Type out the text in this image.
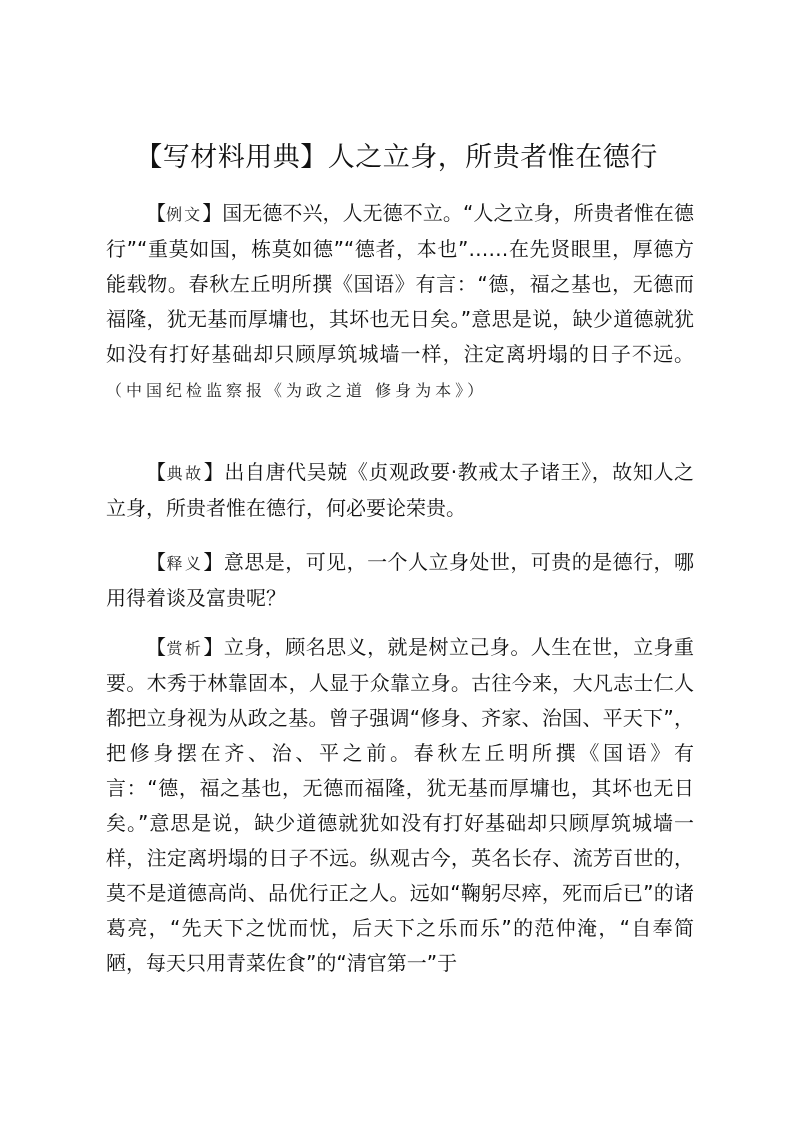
【写材料用典】人之立身，所贵者惟在德行

【例文】国无德不兴，人无德不立。“人之立身，所贵者惟在德行”“重莫如国，栋莫如德”“德者，本也”……在先贤眼里，厚德方能载物。春秋左丘明所撰《国语》有言：“德，福之基也，无德而福隆，犹无基而厚墉也，其坏也无日矣。”意思是说，缺少道德就犹如没有打好基础却只顾厚筑城墙一样，注定离坍塌的日子不远。 （中国纪检监察报《为政之道 修身为本》）

【典故】出自唐代吴兢《贞观政要·教戒太子诸王》，故知人之立身，所贵者惟在德行，何必要论荣贵。

【释义】意思是，可见，一个人立身处世，可贵的是德行，哪用得着谈及富贵呢？

【赏析】立身，顾名思义，就是树立己身。人生在世，立身重要。木秀于林靠固本，人显于众靠立身。古往今来，大凡志士仁人都把立身视为从政之基。曾子强调“修身、齐家、治国、平天下”，把修身摆在齐、治、平之前。春秋左丘明所撰《国语》有言：“德，福之基也，无德而福隆，犹无基而厚墉也，其坏也无日矣。”意思是说，缺少道德就犹如没有打好基础却只顾厚筑城墙一样，注定离坍塌的日子不远。纵观古今，英名长存、流芳百世的，莫不是道德高尚、品优行正之人。远如“鞠躬尽瘁，死而后已”的诸葛亮，“先天下之忧而忧，后天下之乐而乐”的范仲淹，“自奉简陋，每天只用青菜佐食”的“清官第一”于
